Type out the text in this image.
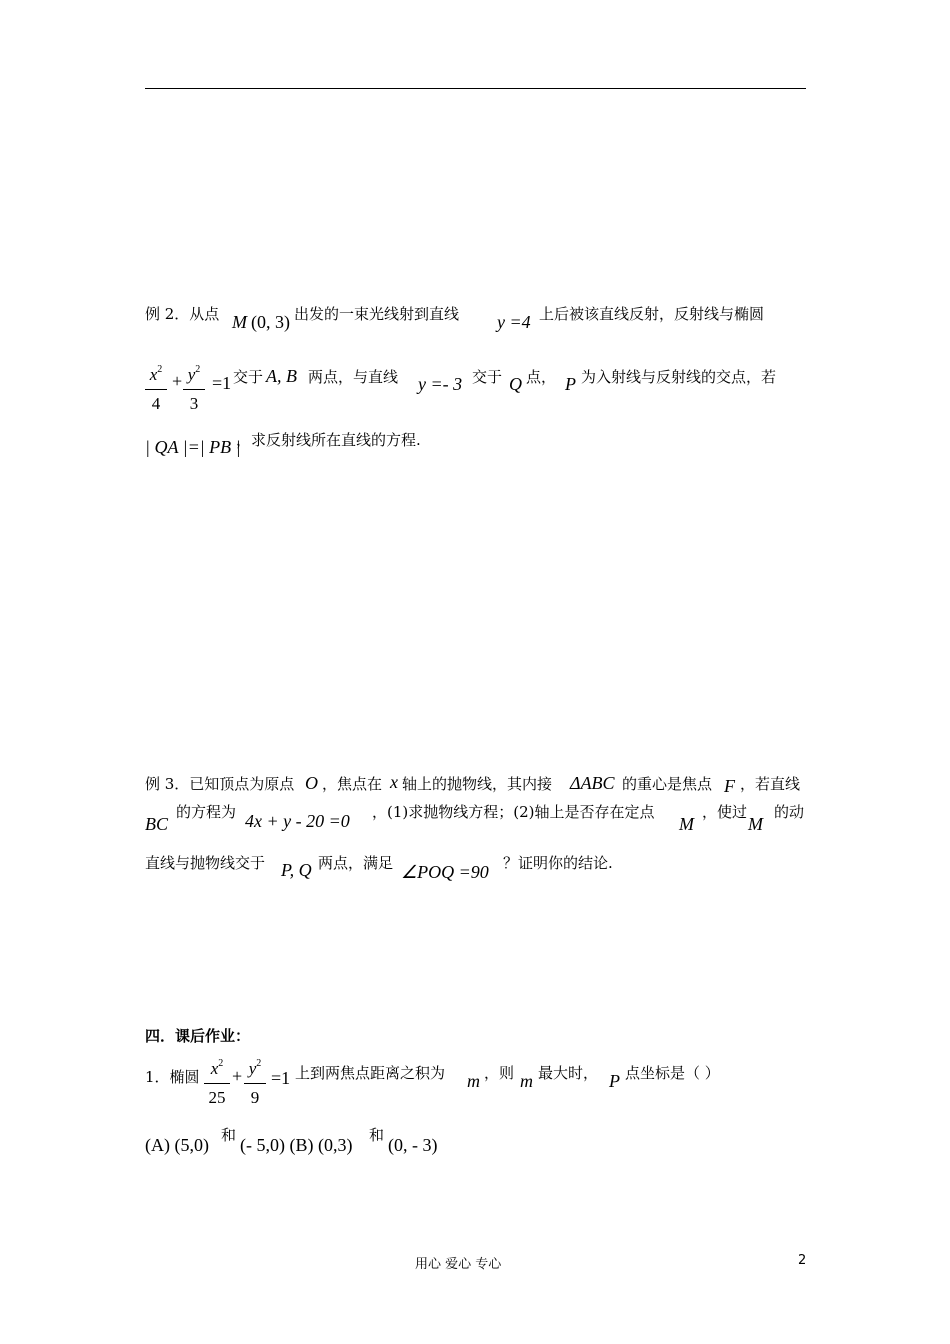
例 2．从点 M (0, 3) 出发的一束光线射到直线 y =4 上后被该直线反射，反射线与椭圆
$x^2$
4
+ $y^2$
3
=1 交于 A, B 两点，与直线 y =- 3 交于 Q 点， P 为入射线与反射线的交点，若
| QA |=| PB |
，求反射线所在直线的方程.
例 3．已知顶点为原点 O ，焦点在 x 轴上的抛物线，其内接 ΔABC 的重心是焦点 F ，若直线
的方程为
BC	4x + y - 20 =0 ，(1)求抛物线方程；(2)轴上是否存在定点
M
，使过
M
的动
直线与抛物线交于 P, Q 两点，满足 ∠POQ =90 ？证明你的结论.
四．课后作业：
1．椭圆 $x^2$
25
+ $y^2$
9
=1 上到两焦点距离之积为 m ，则 m 最大时， P 点坐标是（ ）
(A) (5,0) 和 (- 5,0) (B) (0,3) 和 (0, - 3)
用心 爱心 专心	2
